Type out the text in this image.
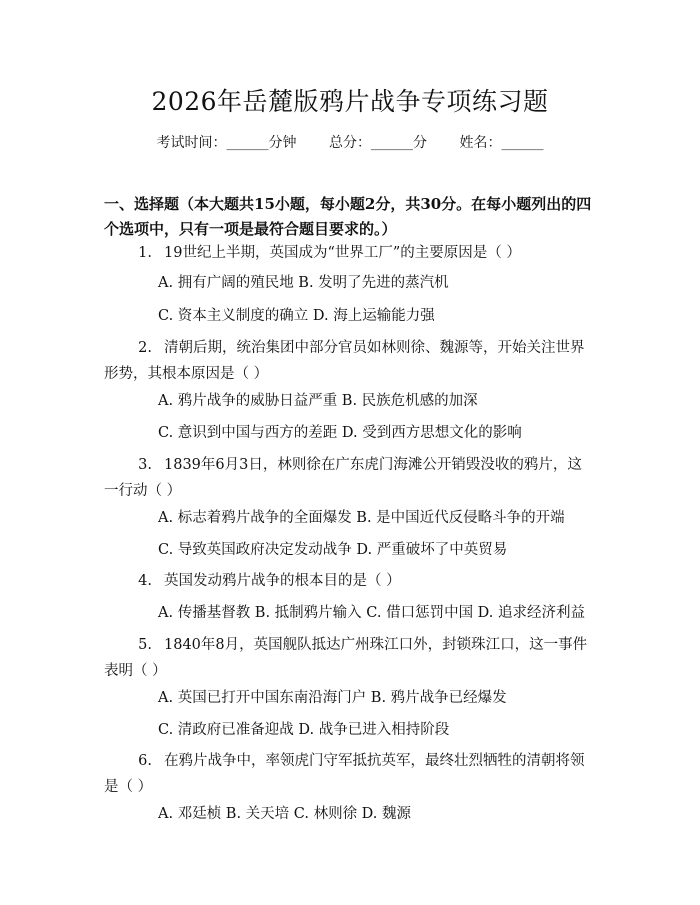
2026年岳麓版鸦片战争专项练习题
考试时间：______分钟 总分：______分 姓名：______
一、选择题（本大题共15小题，每小题2分，共30分。在每小题列出的四个选项中，只有一项是最符合题目要求的。）
1. 19世纪上半期，英国成为“世界工厂”的主要原因是（ ）
A. 拥有广阔的殖民地 B. 发明了先进的蒸汽机
C. 资本主义制度的确立 D. 海上运输能力强
2. 清朝后期，统治集团中部分官员如林则徐、魏源等，开始关注世界形势，其根本原因是（ ）
A. 鸦片战争的威胁日益严重 B. 民族危机感的加深
C. 意识到中国与西方的差距 D. 受到西方思想文化的影响
3. 1839年6月3日，林则徐在广东虎门海滩公开销毁没收的鸦片，这一行动（ ）
A. 标志着鸦片战争的全面爆发 B. 是中国近代反侵略斗争的开端
C. 导致英国政府决定发动战争 D. 严重破坏了中英贸易
4. 英国发动鸦片战争的根本目的是（ ）
A. 传播基督教 B. 抵制鸦片输入 C. 借口惩罚中国 D. 追求经济利益
5. 1840年8月，英国舰队抵达广州珠江口外，封锁珠江口，这一事件表明（ ）
A. 英国已打开中国东南沿海门户 B. 鸦片战争已经爆发
C. 清政府已准备迎战 D. 战争已进入相持阶段
6. 在鸦片战争中，率领虎门守军抵抗英军，最终壮烈牺牲的清朝将领是（ ）
A. 邓廷桢 B. 关天培 C. 林则徐 D. 魏源
